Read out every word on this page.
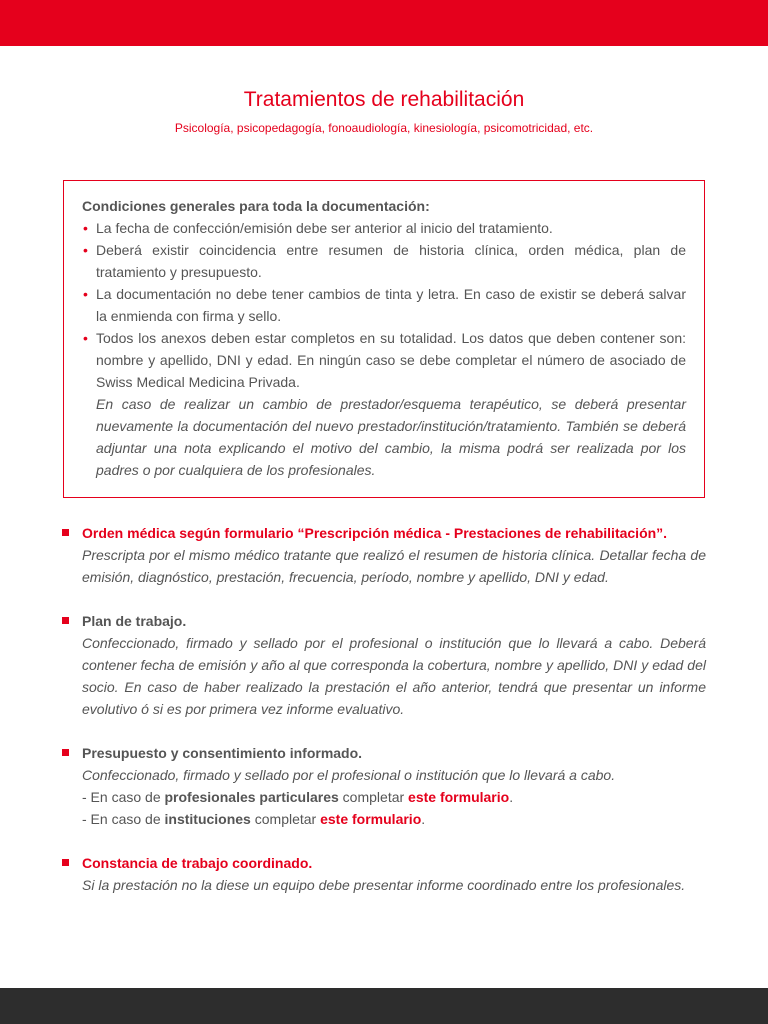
Tratamientos de rehabilitación
Psicología, psicopedagogía, fonoaudiología, kinesiología, psicomotricidad, etc.
Condiciones generales para toda la documentación:
• La fecha de confección/emisión debe ser anterior al inicio del tratamiento.
• Deberá existir coincidencia entre resumen de historia clínica, orden médica, plan de tratamiento y presupuesto.
• La documentación no debe tener cambios de tinta y letra. En caso de existir se deberá salvar la enmienda con firma y sello.
• Todos los anexos deben estar completos en su totalidad. Los datos que deben contener son: nombre y apellido, DNI y edad. En ningún caso se debe completar el número de asociado de Swiss Medical Medicina Privada.
En caso de realizar un cambio de prestador/esquema terapéutico, se deberá presentar nuevamente la documentación del nuevo prestador/institución/tratamiento. También se deberá adjuntar una nota explicando el motivo del cambio, la misma podrá ser realizada por los padres o por cualquiera de los profesionales.
Orden médica según formulario “Prescripción médica - Prestaciones de rehabilitación”.
Prescripta por el mismo médico tratante que realizó el resumen de historia clínica. Detallar fecha de emisión, diagnóstico, prestación, frecuencia, período, nombre y apellido, DNI y edad.
Plan de trabajo.
Confeccionado, firmado y sellado por el profesional o institución que lo llevará a cabo. Deberá contener fecha de emisión y año al que corresponda la cobertura, nombre y apellido, DNI y edad del socio. En caso de haber realizado la prestación el año anterior, tendrá que presentar un informe evolutivo ó si es por primera vez informe evaluativo.
Presupuesto y consentimiento informado.
Confeccionado, firmado y sellado por el profesional o institución que lo llevará a cabo.
- En caso de profesionales particulares completar este formulario.
- En caso de instituciones completar este formulario.
Constancia de trabajo coordinado.
Si la prestación no la diese un equipo debe presentar informe coordinado entre los profesionales.
